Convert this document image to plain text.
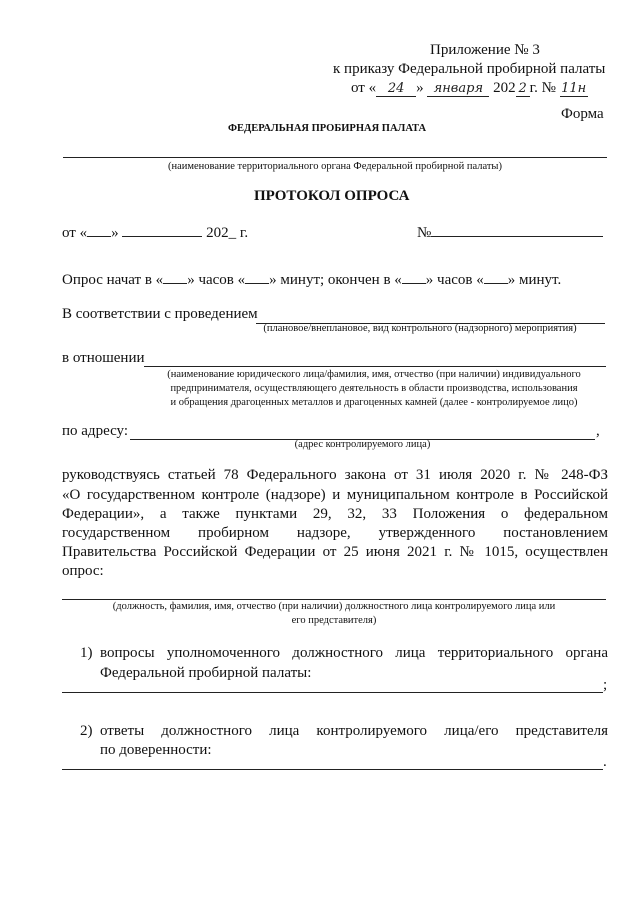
Приложение № 3
к приказу Федеральной пробирной палаты
от « 24 » января 202 2 г. № 11н
Форма
ФЕДЕРАЛЬНАЯ ПРОБИРНАЯ ПАЛАТА
(наименование территориального органа Федеральной пробирной палаты)
ПРОТОКОЛ ОПРОСА
от « »	202_ г.	№
Опрос начат в « » часов « » минут; окончен в « » часов « » минут.
В соответствии с проведением
(плановое/внеплановое, вид контрольного (надзорного) мероприятия)
в отношении
(наименование юридического лица/фамилия, имя, отчество (при наличии) индивидуального
предпринимателя, осуществляющего деятельность в области производства, использования
и обращения драгоценных металлов и драгоценных камней (далее - контролируемое лицо)
по адресу:	,
(адрес контролируемого лица)
руководствуясь статьей 78 Федерального закона от 31 июля 2020 г. № 248-ФЗ
«О государственном контроле (надзоре) и муниципальном контроле в Российской
Федерации», а также пунктами 29, 32, 33 Положения о федеральном
государственном пробирном надзоре, утвержденного постановлением
Правительства Российской Федерации от 25 июня 2021 г. № 1015, осуществлен
опрос:
(должность, фамилия, имя, отчество (при наличии) должностного лица контролируемого лица или
его представителя)
1) вопросы уполномоченного должностного лица территориального органа
Федеральной пробирной палаты:
;
2) ответы должностного лица контролируемого лица/его представителя
по доверенности:
.
